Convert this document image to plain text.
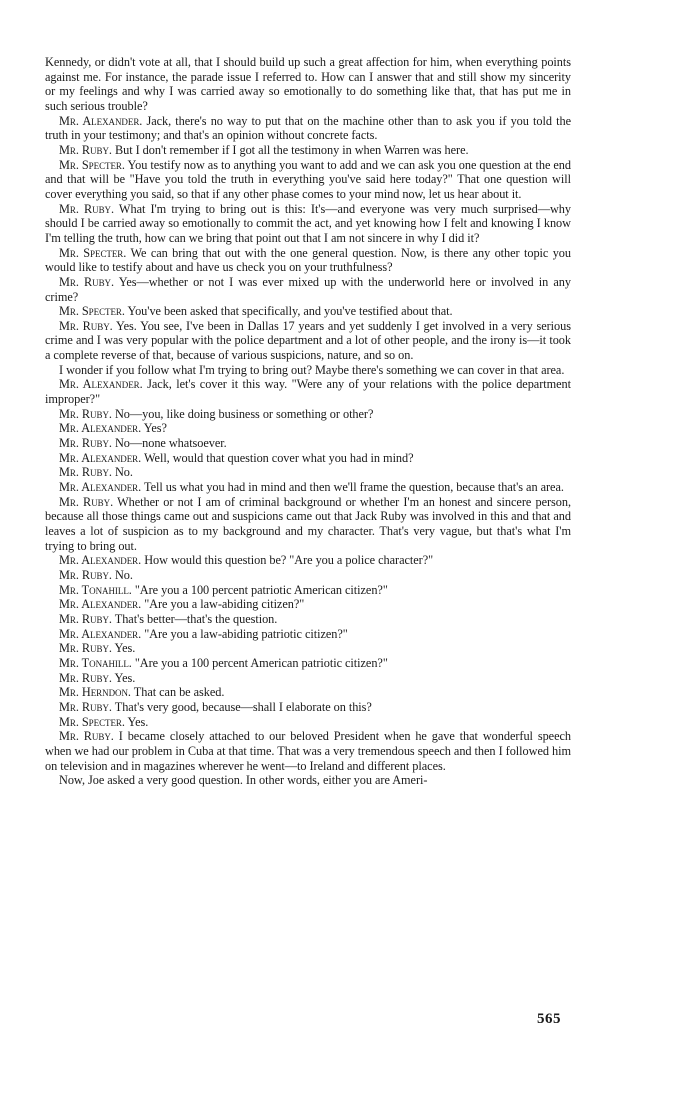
Kennedy, or didn't vote at all, that I should build up such a great affection for him, when everything points against me. For instance, the parade issue I referred to. How can I answer that and still show my sincerity or my feelings and why I was carried away so emotionally to do something like that, that has put me in such serious trouble?

Mr. Alexander. Jack, there's no way to put that on the machine other than to ask you if you told the truth in your testimony; and that's an opinion without concrete facts.

Mr. Ruby. But I don't remember if I got all the testimony in when Warren was here.

Mr. Specter. You testify now as to anything you want to add and we can ask you one question at the end and that will be "Have you told the truth in everything you've said here today?" That one question will cover everything you said, so that if any other phase comes to your mind now, let us hear about it.

Mr. Ruby. What I'm trying to bring out is this: It's—and everyone was very much surprised—why should I be carried away so emotionally to commit the act, and yet knowing how I felt and knowing I know I'm telling the truth, how can we bring that point out that I am not sincere in why I did it?

Mr. Specter. We can bring that out with the one general question. Now, is there any other topic you would like to testify about and have us check you on your truthfulness?

Mr. Ruby. Yes—whether or not I was ever mixed up with the underworld here or involved in any crime?

Mr. Specter. You've been asked that specifically, and you've testified about that.

Mr. Ruby. Yes. You see, I've been in Dallas 17 years and yet suddenly I get involved in a very serious crime and I was very popular with the police department and a lot of other people, and the irony is—it took a complete reverse of that, because of various suspicions, nature, and so on.

I wonder if you follow what I'm trying to bring out? Maybe there's something we can cover in that area.

Mr. Alexander. Jack, let's cover it this way. "Were any of your relations with the police department improper?"

Mr. Ruby. No—you, like doing business or something or other?

Mr. Alexander. Yes?

Mr. Ruby. No—none whatsoever.

Mr. Alexander. Well, would that question cover what you had in mind?

Mr. Ruby. No.

Mr. Alexander. Tell us what you had in mind and then we'll frame the question, because that's an area.

Mr. Ruby. Whether or not I am of criminal background or whether I'm an honest and sincere person, because all those things came out and suspicions came out that Jack Ruby was involved in this and that and leaves a lot of suspicion as to my background and my character. That's very vague, but that's what I'm trying to bring out.

Mr. Alexander. How would this question be? "Are you a police character?"

Mr. Ruby. No.

Mr. Tonahill. "Are you a 100 percent patriotic American citizen?"

Mr. Alexander. "Are you a law-abiding citizen?"

Mr. Ruby. That's better—that's the question.

Mr. Alexander. "Are you a law-abiding patriotic citizen?"

Mr. Ruby. Yes.

Mr. Tonahill. "Are you a 100 percent American patriotic citizen?"

Mr. Ruby. Yes.

Mr. Herndon. That can be asked.

Mr. Ruby. That's very good, because—shall I elaborate on this?

Mr. Specter. Yes.

Mr. Ruby. I became closely attached to our beloved President when he gave that wonderful speech when we had our problem in Cuba at that time. That was a very tremendous speech and then I followed him on television and in magazines wherever he went—to Ireland and different places.

Now, Joe asked a very good question. In other words, either you are Ameri-

565
